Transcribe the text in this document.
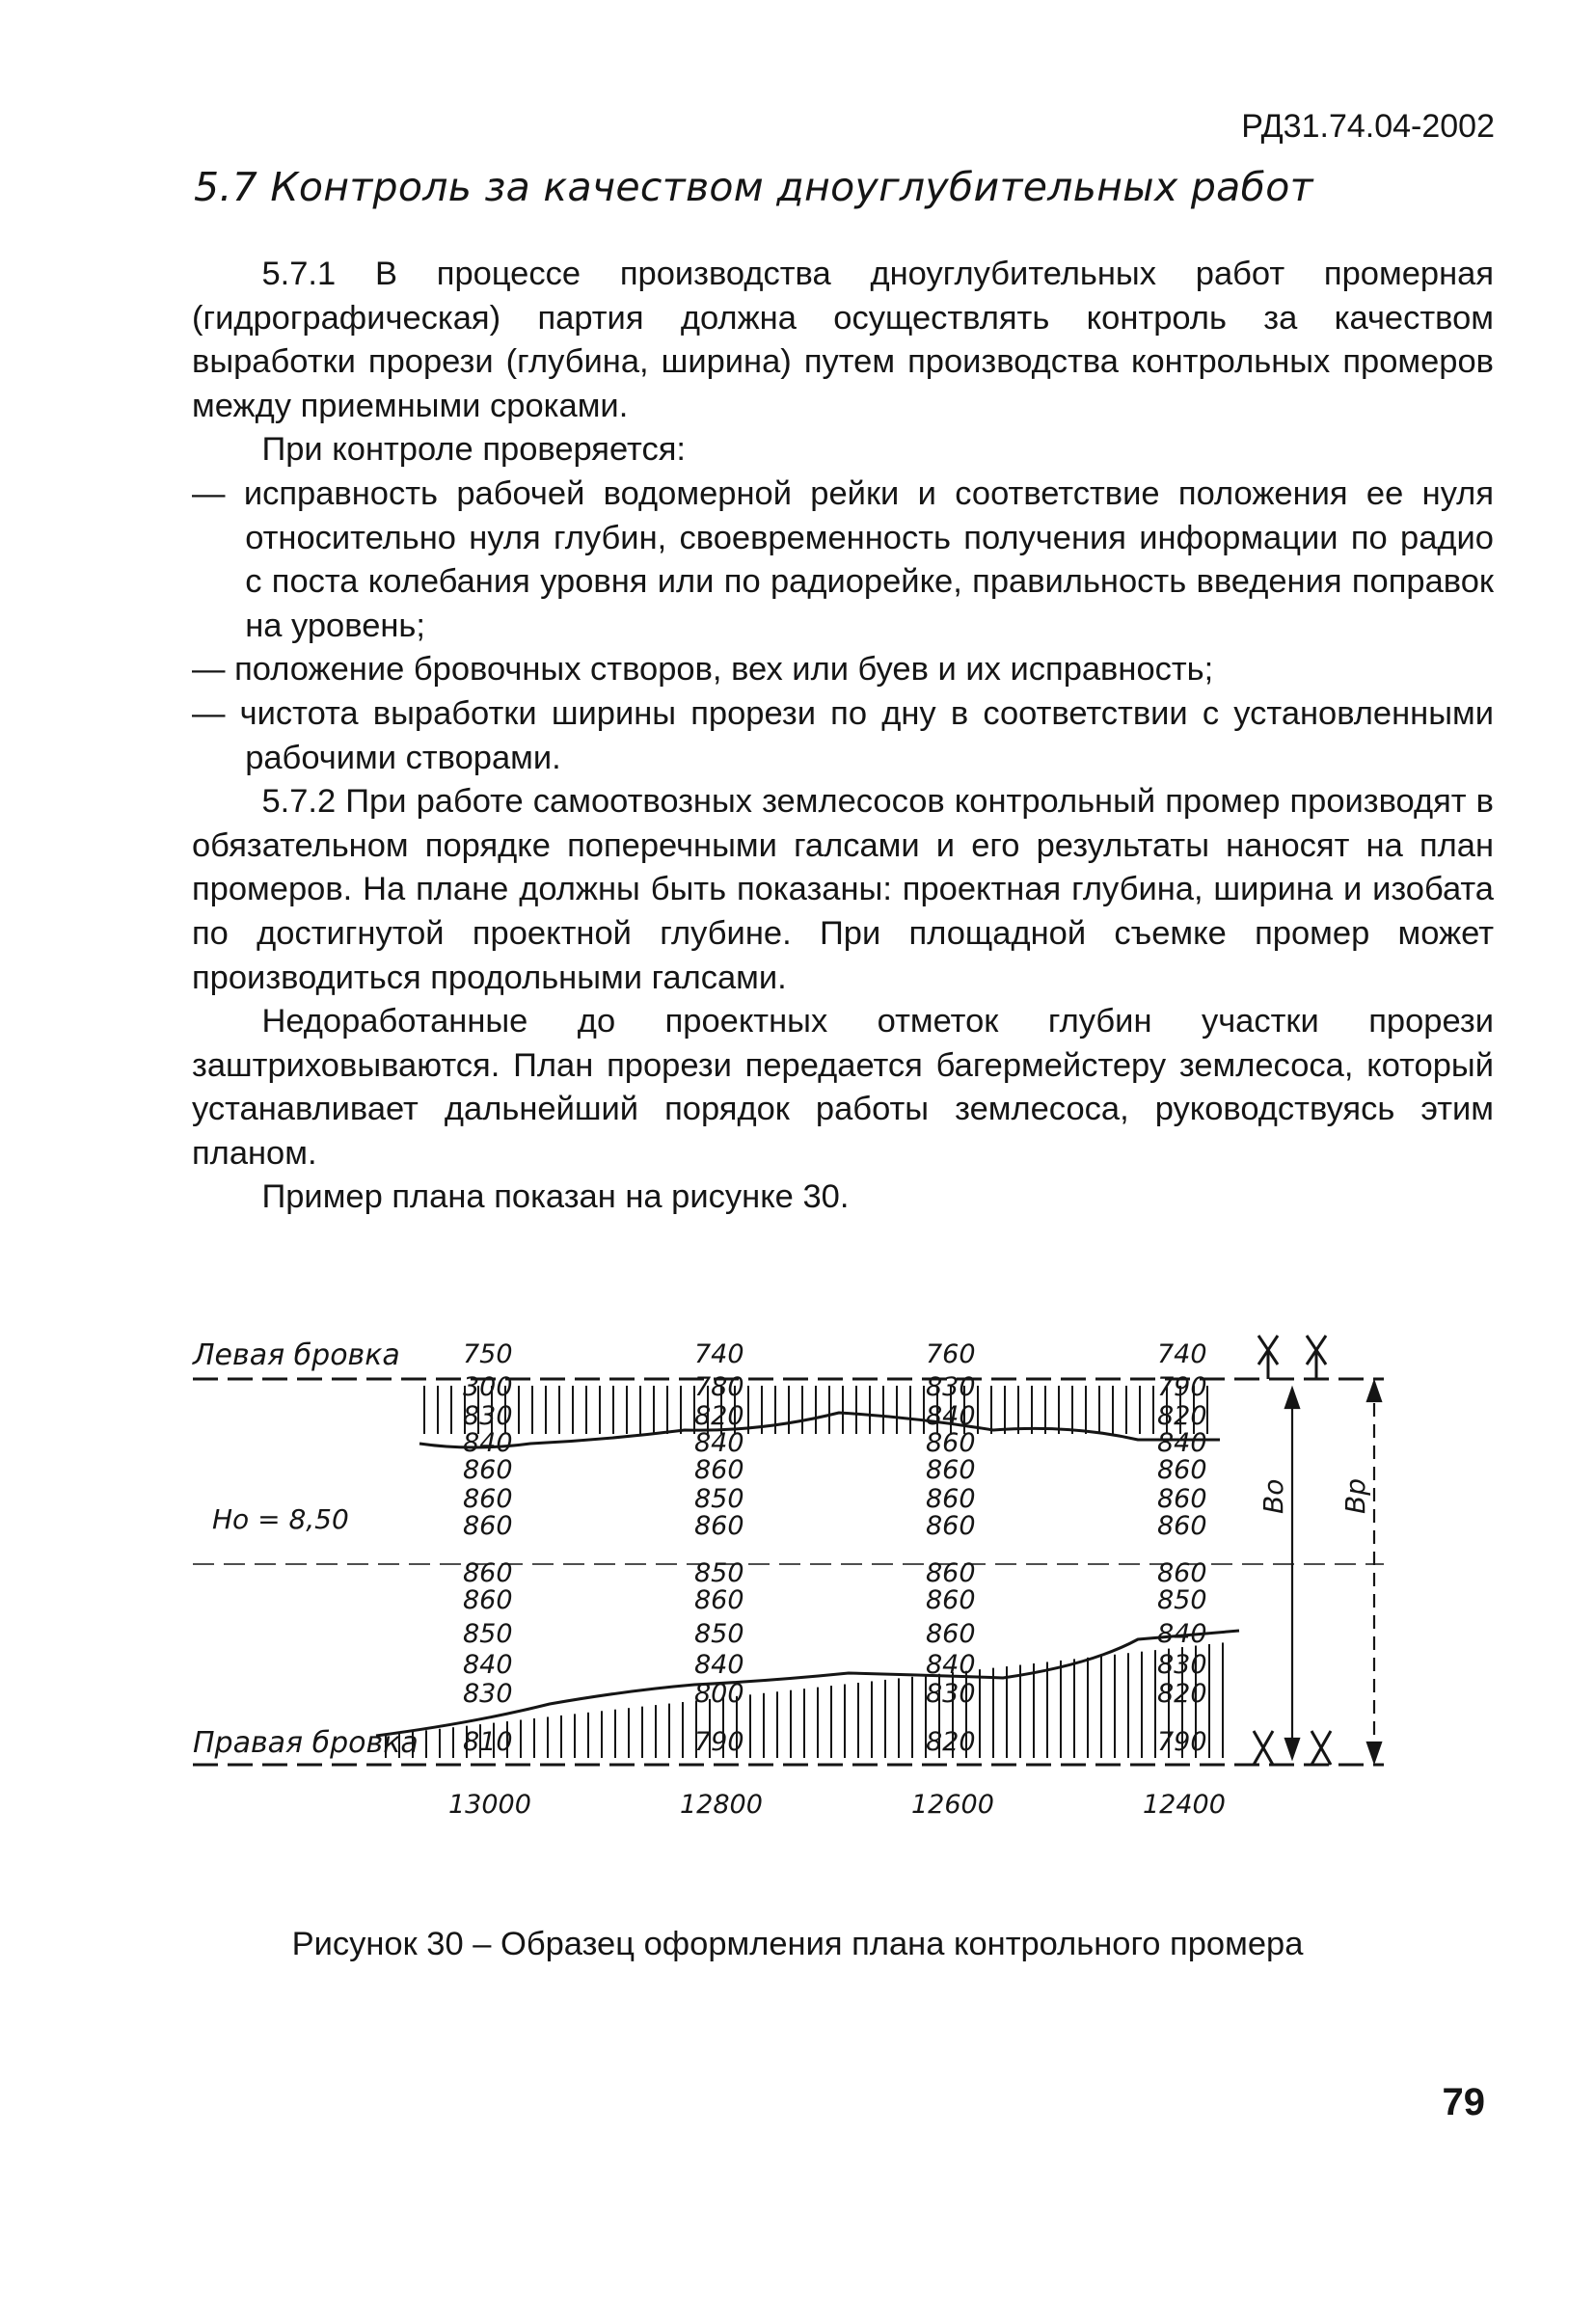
РД31.74.04-2002
5.7 Контроль за качеством дноуглубительных работ

5.7.1 В процессе производства дноуглубительных работ промерная (гидрографическая) партия должна осуществлять контроль за качеством выработки прорези (глубина, ширина) путем производства контрольных промеров между приемными сроками.

При контроле проверяется:

— исправность рабочей водомерной рейки и соответствие положения ее нуля относительно нуля глубин, своевременность получения информации по радио с поста колебания уровня или по радиорейке, правильность введения поправок на уровень;

— положение бровочных створов, вех или буев и их исправность;

— чистота выработки ширины прорези по дну в соответствии с установленными рабочими створами.

5.7.2 При работе самоотвозных землесосов контрольный промер производят в обязательном порядке поперечными галсами и его результаты наносят на план промеров. На плане должны быть показаны: проектная глубина, ширина и изобата по достигнутой проектной глубине. При площадной съемке промер может производиться продольными галсами.

Недоработанные до проектных отметок глубин участки прорези заштриховываются. План прорези передается багермейстеру землесоса, который устанавливает дальнейший порядок работы землесоса, руководствуясь этим планом.

Пример плана показан на рисунке 30.

Левая бровка
Правая бровка
Hо = 8,50
Bо Bр
750
300
830
840
860
860
860
860
860
850
840
830
810
13000
740
780
820
840
860
850
860
850
860
850
840
800
790
12800
760
830
840
860
860
860
860
860
860
860
840
830
820
12600
740
790
820
840
860
860
860
860
850
840
830
820
790
12400
Рисунок 30 – Образец оформления плана контрольного промера
79
